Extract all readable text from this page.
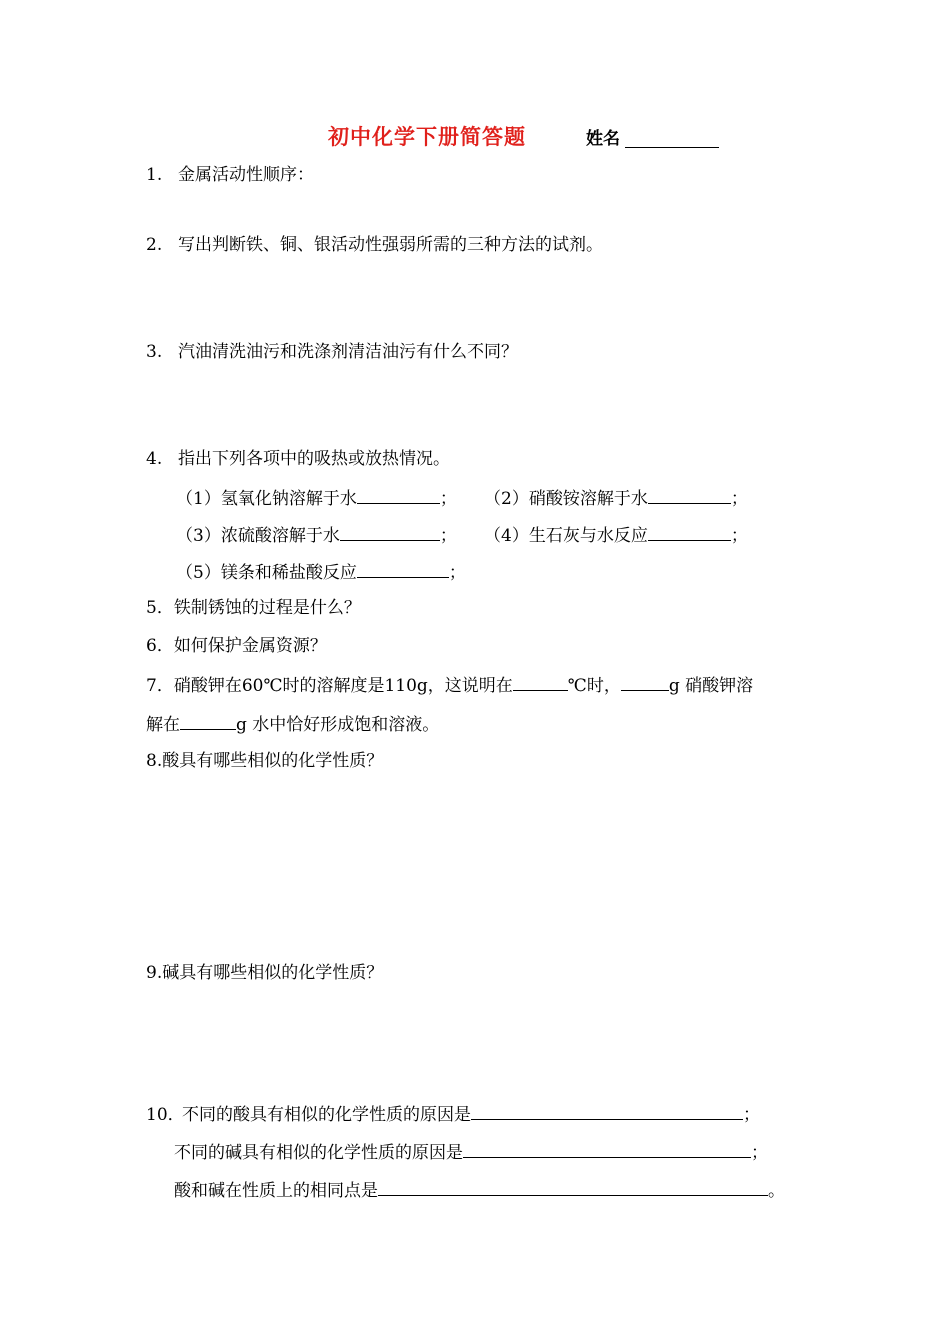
初中化学下册简答题	姓名
1. 金属活动性顺序：
2. 写出判断铁、铜、银活动性强弱所需的三种方法的试剂。
3. 汽油清洗油污和洗涤剂清洁油污有什么不同？
4. 指出下列各项中的吸热或放热情况。
（1）氢氧化钠溶解于水	； （2）硝酸铵溶解于水	；
（3）浓硫酸溶解于水	； （4）生石灰与水反应	；
（5）镁条和稀盐酸反应	；
5．铁制锈蚀的过程是什么？
6．如何保护金属资源？
7．硝酸钾在60℃时的溶解度是110g，这说明在	℃时，	g 硝酸钾溶
解在	g 水中恰好形成饱和溶液。
8.酸具有哪些相似的化学性质？
9.碱具有哪些相似的化学性质？
10．不同的酸具有相似的化学性质的原因是	；
不同的碱具有相似的化学性质的原因是	；
酸和碱在性质上的相同点是	。
